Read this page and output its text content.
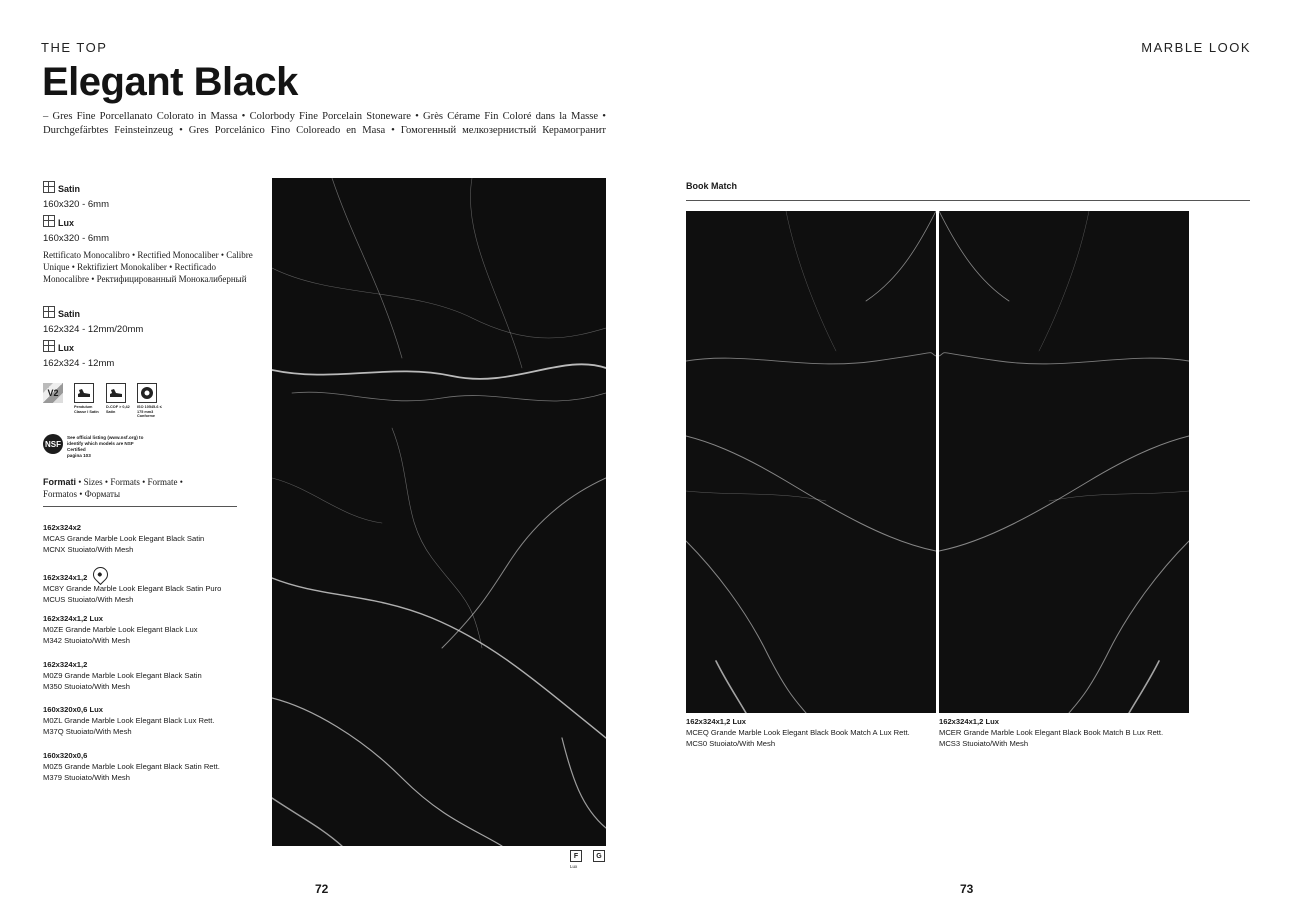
THE TOP	MARBLE LOOK
Elegant Black
– Gres Fine Porcellanato Colorato in Massa • Colorbody Fine Porcelain Stoneware • Grès Cérame Fin Coloré dans la Masse • Durchgefärbtes Feinsteinzeug • Gres Porcelánico Fino Coloreado en Masa • Гомогенный мелкозернистый Керамогранит
Satin
160x320 - 6mm
Lux
160x320 - 6mm
Rettificato Monocalibro • Rectified Monocaliber • Calibre Unique • Rektifiziert Monokaliber • Rectificado Monocalibre • Ректифицированный Монокалиберный
Satin
162x324 - 12mm/20mm
Lux
162x324 - 12mm
V2
Pendulum Classe I Satin
D-COF > 0,42 Satin
ISO 10545-6 ≤ 175 mm3 Conforme
NSF
See official listing (www.nsf.org) to identify which models are NSF Certified
pagina 103
Formati • Sizes • Formats • Formate • Formatos • Форматы
162x324x2
MCAS Grande Marble Look Elegant Black Satin
MCNX Stuoiato/With Mesh
162x324x1,2
MC8Y Grande Marble Look Elegant Black Satin Puro
MCUS Stuoiato/With Mesh
162x324x1,2 Lux
M0ZE Grande Marble Look Elegant Black Lux
M342 Stuoiato/With Mesh
162x324x1,2
M0Z9 Grande Marble Look Elegant Black Satin
M350 Stuoiato/With Mesh
160x320x0,6 Lux
M0ZL Grande Marble Look Elegant Black Lux Rett.
M37Q Stuoiato/With Mesh
160x320x0,6
M0Z5 Grande Marble Look Elegant Black Satin Rett.
M379 Stuoiato/With Mesh
F	G
Lux
Book Match
162x324x1,2 Lux
MCEQ Grande Marble Look Elegant Black Book Match A Lux Rett.
MCS0 Stuoiato/With Mesh
162x324x1,2 Lux
MCER Grande Marble Look Elegant Black Book Match B Lux Rett.
MCS3 Stuoiato/With Mesh
72	73
